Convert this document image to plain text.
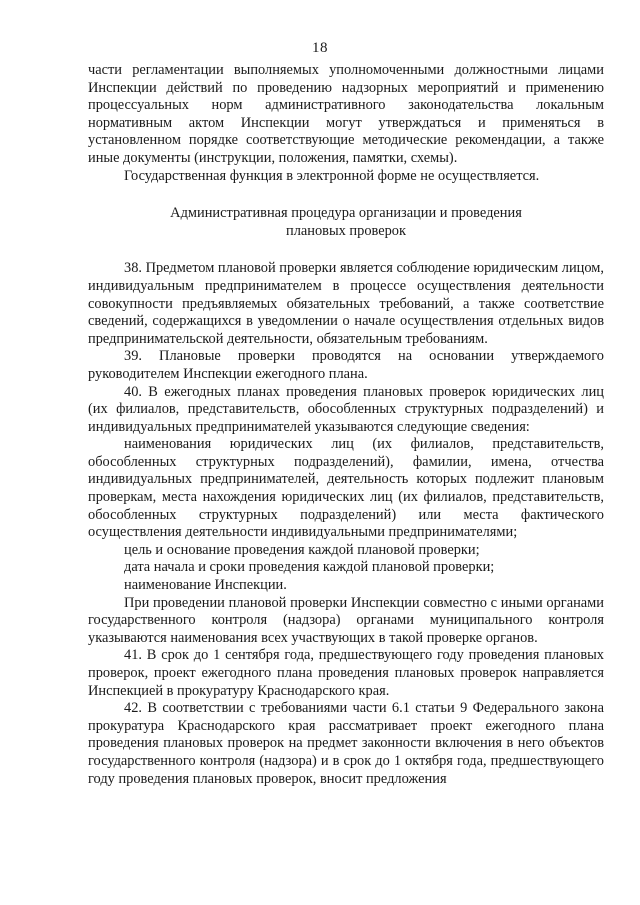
18

части регламентации выполняемых уполномоченными должностными лицами Инспекции действий по проведению надзорных мероприятий и применению процессуальных норм административного законодательства локальным нормативным актом Инспекции могут утверждаться и применяться в установленном порядке соответствующие методические рекомендации, а также иные документы (инструкции, положения, памятки, схемы).

Государственная функция в электронной форме не осуществляется.

Административная процедура организации и проведения

плановых проверок

38. Предметом плановой проверки является соблюдение юридическим лицом, индивидуальным предпринимателем в процессе осуществления деятельности совокупности предъявляемых обязательных требований, а также соответствие сведений, содержащихся в уведомлении о начале осуществления отдельных видов предпринимательской деятельности, обязательным требованиям.

39. Плановые проверки проводятся на основании утверждаемого руководителем Инспекции ежегодного плана.

40. В ежегодных планах проведения плановых проверок юридических лиц (их филиалов, представительств, обособленных структурных подразделений) и индивидуальных предпринимателей указываются следующие сведения:

наименования юридических лиц (их филиалов, представительств, обособленных структурных подразделений), фамилии, имена, отчества индивидуальных предпринимателей, деятельность которых подлежит плановым проверкам, места нахождения юридических лиц (их филиалов, представительств, обособленных структурных подразделений) или места фактического осуществления деятельности индивидуальными предпринимателями;

цель и основание проведения каждой плановой проверки;

дата начала и сроки проведения каждой плановой проверки;

наименование Инспекции.

При проведении плановой проверки Инспекции совместно с иными органами государственного контроля (надзора) органами муниципального контроля указываются наименования всех участвующих в такой проверке органов.

41. В срок до 1 сентября года, предшествующего году проведения плановых проверок, проект ежегодного плана проведения плановых проверок направляется Инспекцией в прокуратуру Краснодарского края.

42. В соответствии с требованиями части 6.1 статьи 9 Федерального закона прокуратура Краснодарского края рассматривает проект ежегодного плана проведения плановых проверок на предмет законности включения в него объектов государственного контроля (надзора) и в срок до 1 октября года, предшествующего году проведения плановых проверок, вносит предложения
